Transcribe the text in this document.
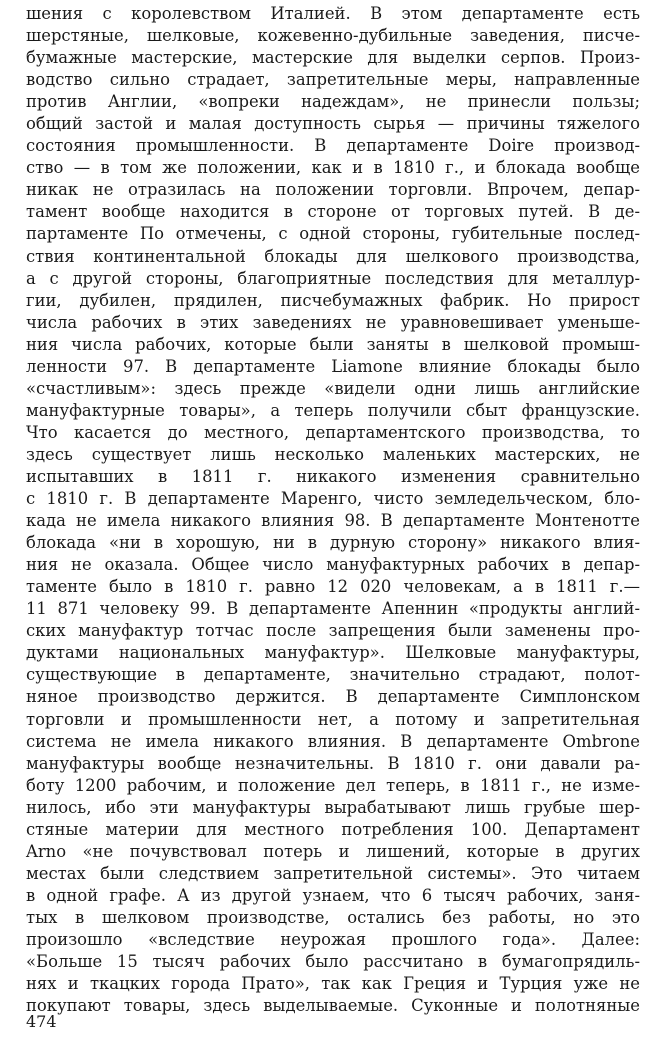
шения с королевством Италией. В этом департаменте есть
шерстяные, шелковые, кожевенно-дубильные заведения, писче-
бумажные мастерские, мастерские для выделки серпов. Произ-
водство сильно страдает, запретительные меры, направленные
против Англии, «вопреки надеждам», не принесли пользы;
общий застой и малая доступность сырья — причины тяжелого
состояния промышленности. В департаменте Doire производ-
ство — в том же положении, как и в 1810 г., и блокада вообще
никак не отразилась на положении торговли. Впрочем, депар-
тамент вообще находится в стороне от торговых путей. В де-
партаменте По отмечены, с одной стороны, губительные послед-
ствия континентальной блокады для шелкового производства,
а с другой стороны, благоприятные последствия для металлур-
гии, дубилен, прядилен, писчебумажных фабрик. Но прирост
числа рабочих в этих заведениях не уравновешивает уменьше-
ния числа рабочих, которые были заняты в шелковой промыш-
ленности 97. В департаменте Liamone влияние блокады было
«счастливым»: здесь прежде «видели одни лишь английские
мануфактурные товары», а теперь получили сбыт французские.
Что касается до местного, департаментского производства, то
здесь существует лишь несколько маленьких мастерских, не
испытавших в 1811 г. никакого изменения сравнительно
с 1810 г. В департаменте Маренго, чисто земледельческом, бло-
када не имела никакого влияния 98. В департаменте Монтенотте
блокада «ни в хорошую, ни в дурную сторону» никакого влия-
ния не оказала. Общее число мануфактурных рабочих в депар-
таменте было в 1810 г. равно 12 020 человекам, а в 1811 г.—
11 871 человеку 99. В департаменте Апеннин «продукты англий-
ских мануфактур тотчас после запрещения были заменены про-
дуктами национальных мануфактур». Шелковые мануфактуры,
существующие в департаменте, значительно страдают, полот-
няное производство держится. В департаменте Симплонском
торговли и промышленности нет, а потому и запретительная
система не имела никакого влияния. В департаменте Ombrone
мануфактуры вообще незначительны. В 1810 г. они давали ра-
боту 1200 рабочим, и положение дел теперь, в 1811 г., не изме-
нилось, ибо эти мануфактуры вырабатывают лишь грубые шер-
стяные материи для местного потребления 100. Департамент
Arno «не почувствовал потерь и лишений, которые в других
местах были следствием запретительной системы». Это читаем
в одной графе. А из другой узнаем, что 6 тысяч рабочих, заня-
тых в шелковом производстве, остались без работы, но это
произошло «вследствие неурожая прошлого года». Далее:
«Больше 15 тысяч рабочих было рассчитано в бумагопрядиль-
нях и ткацких города Прато», так как Греция и Турция уже не
покупают товары, здесь выделываемые. Суконные и полотняные
474
